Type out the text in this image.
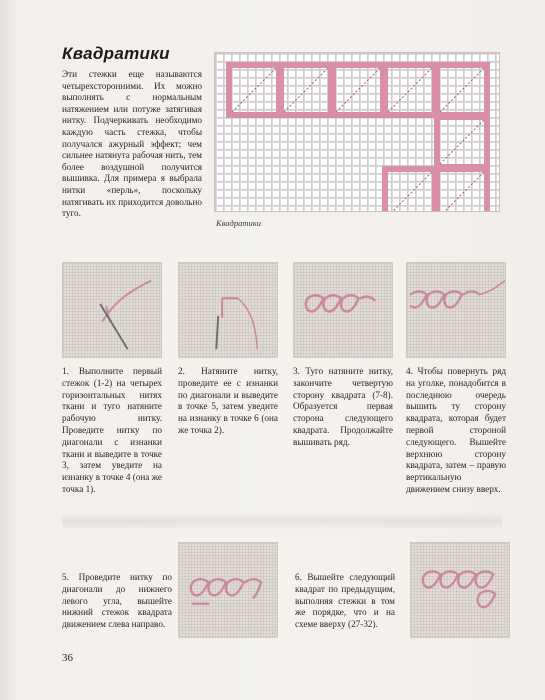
Квадратики

Эти стежки еще называются четырехсторонними. Их можно выполнять с нормальным натяжением или потуже затягивая нитку. Подчеркивать необходимо каждую часть стежка, чтобы получался ажурный эффект; чем сильнее натянута рабочая нить, тем более воздушной получится вышивка. Для примера я выбрала нитки «перль», поскольку натягивать их приходится довольно туго.

Квадратики

1. Выполните первый стежок (1-2) на четырех горизонтальных нитях ткани и туго натяните рабочую нитку. Проведите нитку по диагонали с изнанки ткани и выведите в точке 3, затем уведите на изнанку в точке 4 (она же точка 1).

2. Натяните нитку, проведите ее с изнанки по диагонали и выведите в точке 5, затем уведите на изнанку в точке 6 (она же точка 2).

3. Туго натяните нитку, закончите четвертую сторону квадрата (7-8). Образуется первая сторона следующего квадрата. Продолжайте вышивать ряд.

4. Чтобы повернуть ряд на уголке, понадобится в последнюю очередь вышить ту сторону квадрата, которая будет первой стороной следующего. Вышейте верхнюю сторону квадрата, затем – правую вертикальную движением снизу вверх.

5. Проведите нитку по диагонали до нижнего левого угла, вышейте нижний стежок квадрата движением слева направо.

6. Вышейте следующий квадрат по предыдущим, выполняя стежки в том же порядке, что и на схеме вверху (27-32).

36
